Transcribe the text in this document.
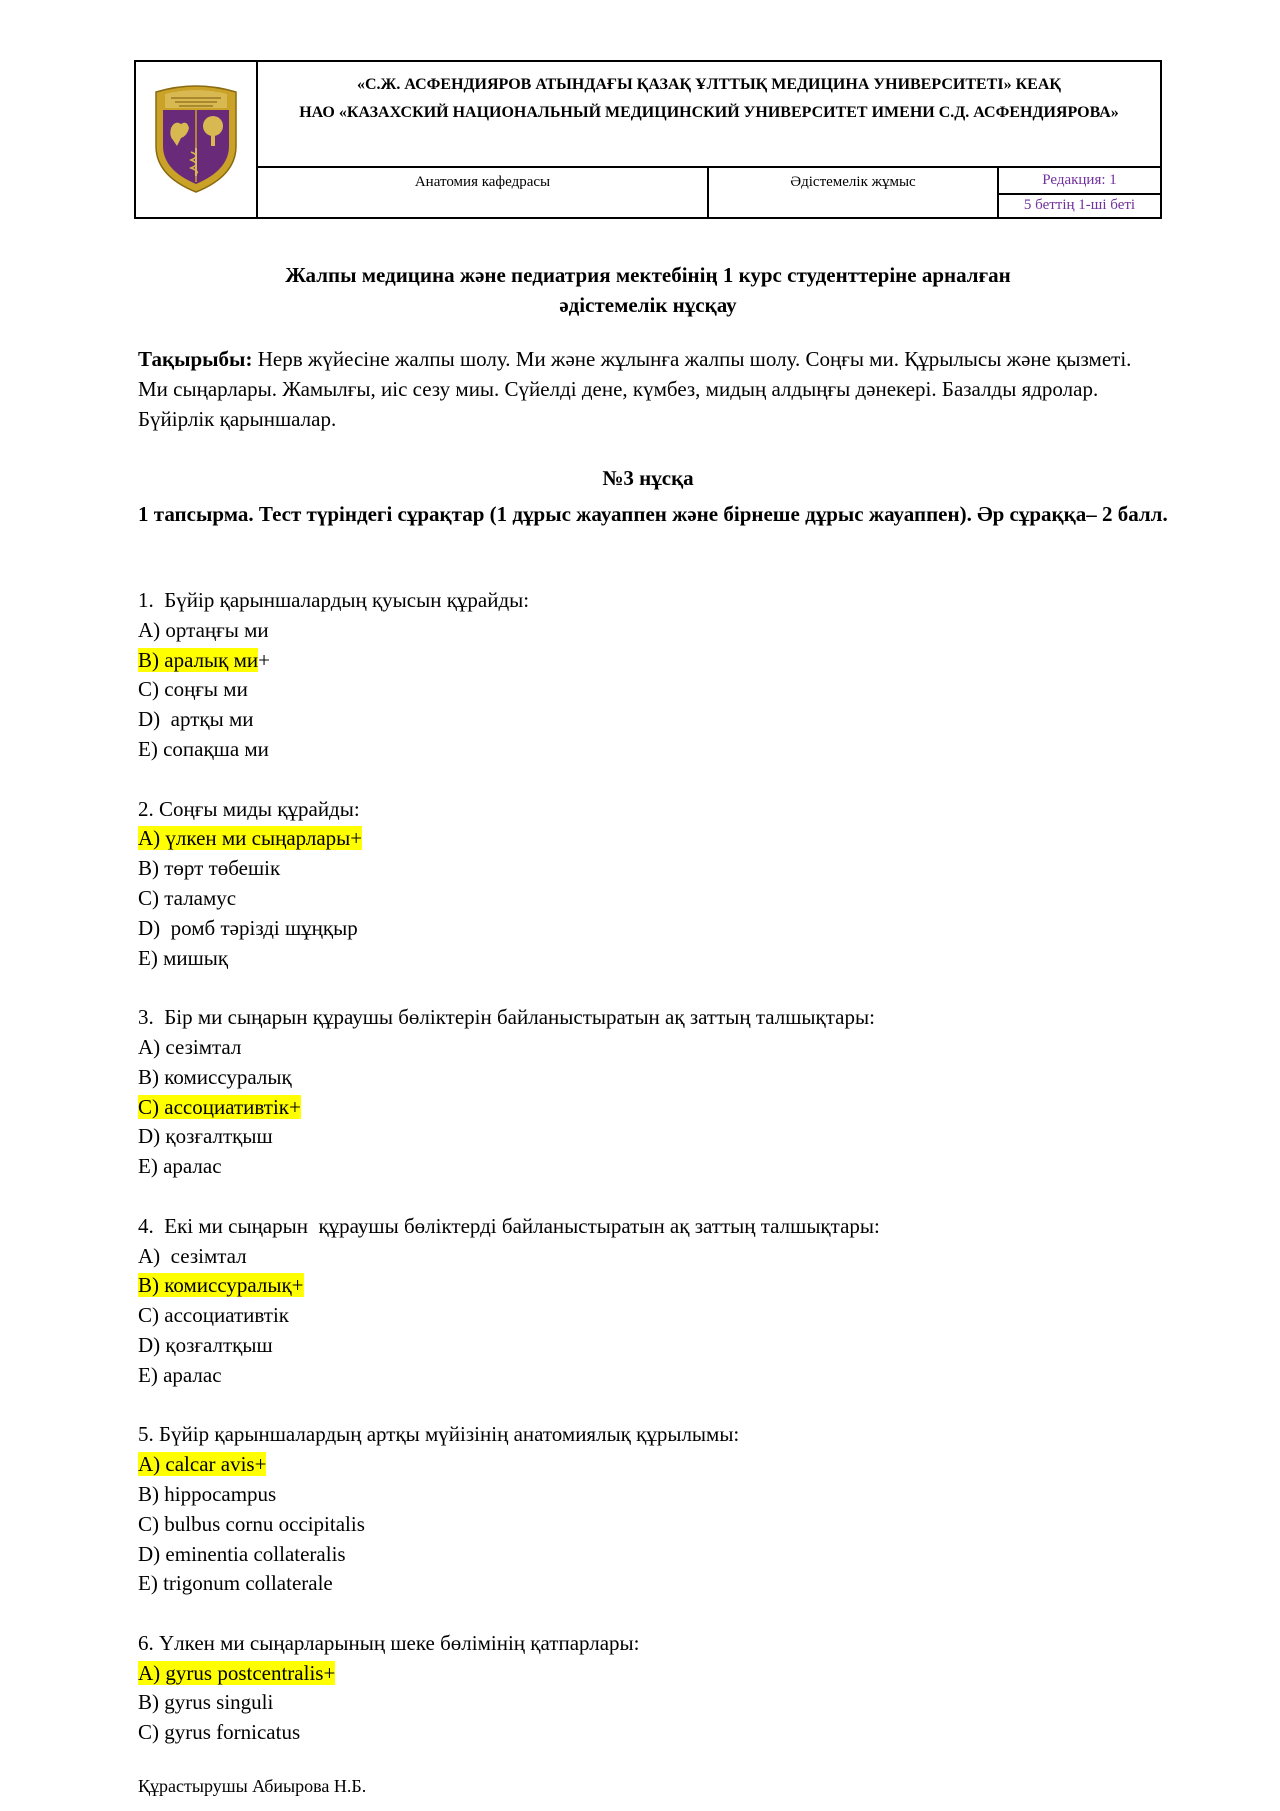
«С.Ж. АСФЕНДИЯРОВ АТЫНДАҒЫ ҚАЗАҚ ҰЛТТЫҚ МЕДИЦИНА УНИВЕРСИТЕТІ» КЕАҚ
НАО «КАЗАХСКИЙ НАЦИОНАЛЬНЫЙ МЕДИЦИНСКИЙ УНИВЕРСИТЕТ ИМЕНИ С.Д. АСФЕНДИЯРОВА»
Анатомия кафедрасы	Әдістемелік жұмыс	Редакция: 1
5 беттің 1-ші беті
Жалпы медицина және педиатрия мектебінің 1 курс студенттеріне арналған
әдістемелік нұсқау
Тақырыбы: Нерв жүйесіне жалпы шолу. Ми және жұлынға жалпы шолу. Соңғы ми. Құрылысы және қызметі. Ми сыңарлары. Жамылғы, иіс сезу миы. Сүйелді дене, күмбез, мидың алдыңғы дәнекері. Базалды ядролар. Бүйірлік қарыншалар.
№3 нұсқа
1 тапсырма. Тест түріндегі сұрақтар (1 дұрыс жауаппен және бірнеше дұрыс жауаппен). Әр сұраққа– 2 балл.
1.  Бүйір қарыншалардың қуысын құрайды:
A) ортаңғы ми
B) аралық ми+
C) соңғы ми
D)  артқы ми
E) сопақша ми
2. Соңғы миды құрайды:
A) үлкен ми сыңарлары+
B) төрт төбешік
C) таламус
D)  ромб тәрізді шұңқыр
E) мишық
3.  Бір ми сыңарын құраушы бөліктерін байланыстыратын ақ заттың талшықтары:
A) сезімтал
B) комиссуралық
C) ассоциативтік+
D) қозғалтқыш
E) аралас
4.  Екі ми сыңарын  құраушы бөліктерді байланыстыратын ақ заттың талшықтары:
A)  сезімтал
B) комиссуралық+
C) ассоциативтік
D) қозғалтқыш
E) аралас
5. Бүйір қарыншалардың артқы мүйізінің анатомиялық құрылымы:
A) calcar avis+
B) hippocampus
C) bulbus cornu occipitalis
D) eminentia collateralis
E) trigonum collaterale
6. Үлкен ми сыңарларының шеке бөлімінің қатпарлары:
A) gyrus postcentralis+
B) gyrus singuli
C) gyrus fornicatus
Құрастырушы Абиырова Н.Б.
